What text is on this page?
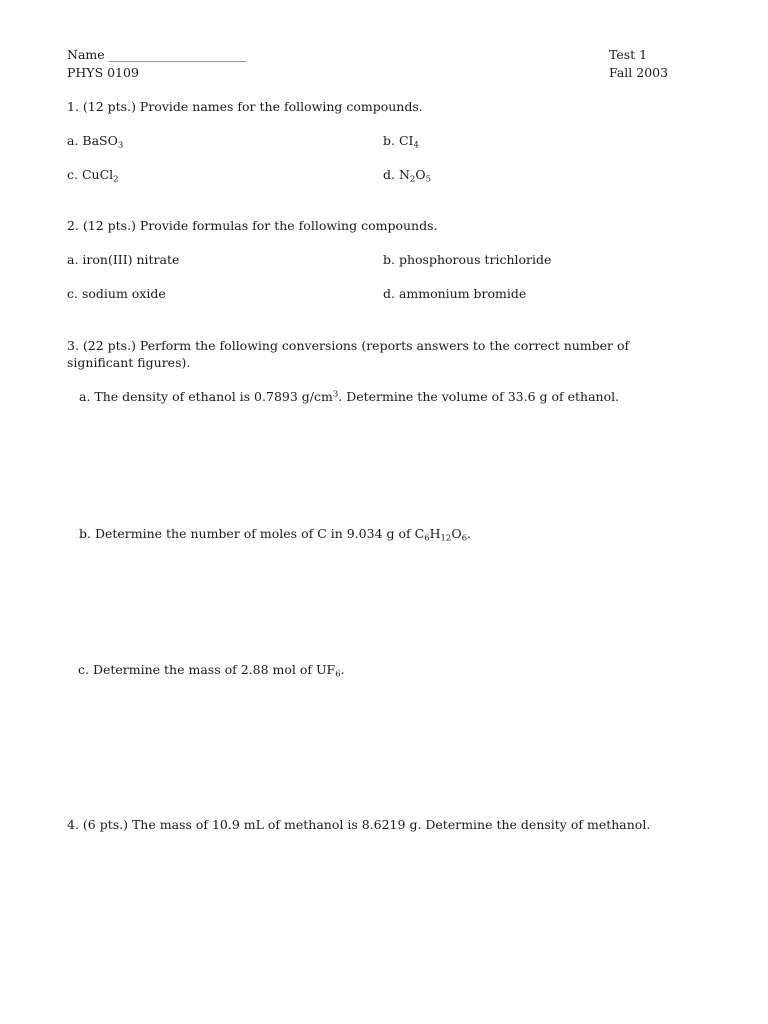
Name ______________________
PHYS 0109
Test 1
Fall 2003
1. (12 pts.) Provide names for the following compounds.
a. BaSO$_3$	b. $CI_4$
c. CuCl$_2$	d. $N_2O_5$
2. (12 pts.) Provide formulas for the following compounds.
a. iron(III) nitrate	b. phosphorous trichloride
c. sodium oxide	d. ammonium bromide
3. (22 pts.) Perform the following conversions (reports answers to the correct number of significant figures).
a. The density of ethanol is 0.7893 $g/cm^3$. Determine the volume of 33.6 g of ethanol.
b. Determine the number of moles of C in 9.034 g of $C_6H_{12}O_6$.
c. Determine the mass of 2.88 mol of $UF_6$.
4. (6 pts.) The mass of 10.9 mL of methanol is 8.6219 g. Determine the density of methanol.
